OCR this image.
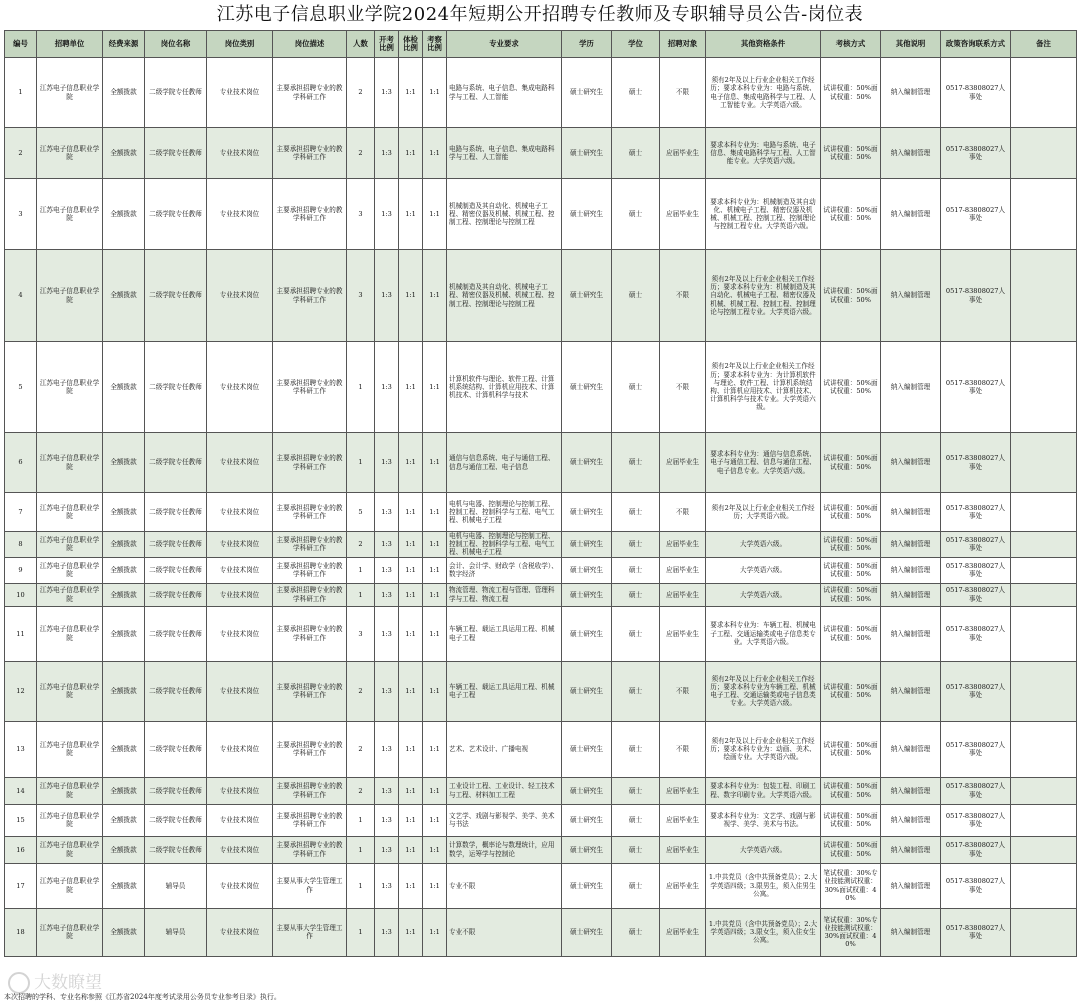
江苏电子信息职业学院2024年短期公开招聘专任教师及专职辅导员公告-岗位表
编号	招聘单位	经费来源	岗位名称	岗位类别	岗位描述	人数	开考比例	体检比例	考察比例	专业要求	学历	学位	招聘对象	其他资格条件	考核方式	其他说明	政策咨询联系方式	备注
1	江苏电子信息职业学院	全额拨款	二级学院专任教师	专业技术岗位	主要承担招聘专业的教学科研工作	2	1:3	1:1	1:1	电路与系统、电子信息、集成电路科学与工程、人工智能	硕士研究生	硕士	不限	须有2年及以上行业企业相关工作经历；要求本科专业为：电路与系统、电子信息、集成电路科学与工程、人工智能专业。大学英语六级。	试讲权重：50%面试权重：50%	纳入编制管理	0517-83808027人事处	
2	江苏电子信息职业学院	全额拨款	二级学院专任教师	专业技术岗位	主要承担招聘专业的教学科研工作	2	1:3	1:1	1:1	电路与系统、电子信息、集成电路科学与工程、人工智能	硕士研究生	硕士	应届毕业生	要求本科专业为：电路与系统、电子信息、集成电路科学与工程、人工智能专业。大学英语六级。	试讲权重：50%面试权重：50%	纳入编制管理	0517-83808027人事处	
3	江苏电子信息职业学院	全额拨款	二级学院专任教师	专业技术岗位	主要承担招聘专业的教学科研工作	3	1:3	1:1	1:1	机械制造及其自动化、机械电子工程、精密仪器及机械、机械工程、控制工程、控制理论与控制工程	硕士研究生	硕士	应届毕业生	要求本科专业为：机械制造及其自动化、机械电子工程、精密仪器及机械、机械工程、控制工程、控制理论与控制工程专业。大学英语六级。	试讲权重：50%面试权重：50%	纳入编制管理	0517-83808027人事处	
4	江苏电子信息职业学院	全额拨款	二级学院专任教师	专业技术岗位	主要承担招聘专业的教学科研工作	3	1:3	1:1	1:1	机械制造及其自动化、机械电子工程、精密仪器及机械、机械工程、控制工程、控制理论与控制工程	硕士研究生	硕士	不限	须有2年及以上行业企业相关工作经历；要求本科专业为：机械制造及其自动化、机械电子工程、精密仪器及机械、机械工程、控制工程、控制理论与控制工程专业。大学英语六级。	试讲权重：50%面试权重：50%	纳入编制管理	0517-83808027人事处	
5	江苏电子信息职业学院	全额拨款	二级学院专任教师	专业技术岗位	主要承担招聘专业的教学科研工作	1	1:3	1:1	1:1	计算机软件与理论、软件工程、计算机系统结构、计算机应用技术、计算机技术、计算机科学与技术	硕士研究生	硕士	不限	须有2年及以上行业企业相关工作经历；要求本科专业为：为计算机软件与理论、软件工程、计算机系统结构、计算机应用技术、计算机技术、计算机科学与技术专业。大学英语六级。	试讲权重：50%面试权重：50%	纳入编制管理	0517-83808027人事处	
6	江苏电子信息职业学院	全额拨款	二级学院专任教师	专业技术岗位	主要承担招聘专业的教学科研工作	1	1:3	1:1	1:1	通信与信息系统、电子与通信工程、信息与通信工程、电子信息	硕士研究生	硕士	应届毕业生	要求本科专业为：通信与信息系统、电子与通信工程、信息与通信工程、电子信息专业。大学英语六级。	试讲权重：50%面试权重：50%	纳入编制管理	0517-83808027人事处	
7	江苏电子信息职业学院	全额拨款	二级学院专任教师	专业技术岗位	主要承担招聘专业的教学科研工作	5	1:3	1:1	1:1	电机与电器、控制理论与控制工程、控制工程、控制科学与工程、电气工程、机械电子工程	硕士研究生	硕士	不限	须有2年及以上行业企业相关工作经历；大学英语六级。	试讲权重：50%面试权重：50%	纳入编制管理	0517-83808027人事处	
8	江苏电子信息职业学院	全额拨款	二级学院专任教师	专业技术岗位	主要承担招聘专业的教学科研工作	2	1:3	1:1	1:1	电机与电器、控制理论与控制工程、控制工程、控制科学与工程、电气工程、机械电子工程	硕士研究生	硕士	应届毕业生	大学英语六级。	试讲权重：50%面试权重：50%	纳入编制管理	0517-83808027人事处	
9	江苏电子信息职业学院	全额拨款	二级学院专任教师	专业技术岗位	主要承担招聘专业的教学科研工作	1	1:3	1:1	1:1	会计、会计学、财政学（含税收学）、数字经济	硕士研究生	硕士	应届毕业生	大学英语六级。	试讲权重：50%面试权重：50%	纳入编制管理	0517-83808027人事处	
10	江苏电子信息职业学院	全额拨款	二级学院专任教师	专业技术岗位	主要承担招聘专业的教学科研工作	1	1:3	1:1	1:1	物流管理、物流工程与管理、管理科学与工程、物流工程	硕士研究生	硕士	应届毕业生	大学英语六级。	试讲权重：50%面试权重：50%	纳入编制管理	0517-83808027人事处	
11	江苏电子信息职业学院	全额拨款	二级学院专任教师	专业技术岗位	主要承担招聘专业的教学科研工作	3	1:3	1:1	1:1	车辆工程、载运工具运用工程、机械电子工程	硕士研究生	硕士	应届毕业生	要求本科专业为：车辆工程、机械电子工程、交通运输类或电子信息类专业。大学英语六级。	试讲权重：50%面试权重：50%	纳入编制管理	0517-83808027人事处	
12	江苏电子信息职业学院	全额拨款	二级学院专任教师	专业技术岗位	主要承担招聘专业的教学科研工作	2	1:3	1:1	1:1	车辆工程、载运工具运用工程、机械电子工程	硕士研究生	硕士	不限	须有2年及以上行业企业相关工作经历；要求本科专业为车辆工程、机械电子工程、交通运输类或电子信息类专业。大学英语六级。	试讲权重：50%面试权重：50%	纳入编制管理	0517-83808027人事处	
13	江苏电子信息职业学院	全额拨款	二级学院专任教师	专业技术岗位	主要承担招聘专业的教学科研工作	2	1:3	1:1	1:1	艺术、艺术设计、广播电视	硕士研究生	硕士	不限	须有2年及以上行业企业相关工作经历；要求本科专业为：动画、美术、绘画专业。大学英语六级。	试讲权重：50%面试权重：50%	纳入编制管理	0517-83808027人事处	
14	江苏电子信息职业学院	全额拨款	二级学院专任教师	专业技术岗位	主要承担招聘专业的教学科研工作	2	1:3	1:1	1:1	工业设计工程、工业设计、轻工技术与工程、材料加工工程	硕士研究生	硕士	应届毕业生	要求本科专业为：包装工程、印刷工程、数字印刷专业。大学英语六级。	试讲权重：50%面试权重：50%	纳入编制管理	0517-83808027人事处	
15	江苏电子信息职业学院	全额拨款	二级学院专任教师	专业技术岗位	主要承担招聘专业的教学科研工作	1	1:3	1:1	1:1	文艺学、戏剧与影视学、美学、美术与书法	硕士研究生	硕士	应届毕业生	要求本科专业为：文艺学、戏剧与影视学、美学、美术与书法。	试讲权重：50%面试权重：50%	纳入编制管理	0517-83808027人事处	
16	江苏电子信息职业学院	全额拨款	二级学院专任教师	专业技术岗位	主要承担招聘专业的教学科研工作	1	1:3	1:1	1:1	计算数学，概率论与数理统计，应用数学，运筹学与控制论	硕士研究生	硕士	应届毕业生	大学英语六级。	试讲权重：50%面试权重：50%	纳入编制管理	0517-83808027人事处	
17	江苏电子信息职业学院	全额拨款	辅导员	专业技术岗位	主要从事大学生管理工作	1	1:3	1:1	1:1	专业不限	硕士研究生	硕士	应届毕业生	1.中共党员（含中共预备党员）；2.大学英语四级；3.限男生，须入住男生公寓。	笔试权重：30%专业技能测试权重：30%面试权重：40%	纳入编制管理	0517-83808027人事处	
18	江苏电子信息职业学院	全额拨款	辅导员	专业技术岗位	主要从事大学生管理工作	1	1:3	1:1	1:1	专业不限	硕士研究生	硕士	应届毕业生	1.中共党员（含中共预备党员）；2.大学英语四级；3.限女生，须入住女生公寓。	笔试权重：30%专业技能测试权重：30%面试权重：40%	纳入编制管理	0517-83808027人事处	
大数瞭望
本次招聘的学科、专业名称参照《江苏省2024年度考试录用公务员专业参考目录》执行。
